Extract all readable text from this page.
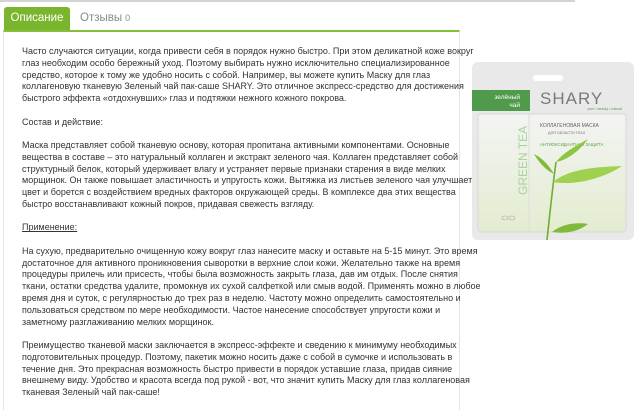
Описание	Отзывы 0
Часто случаются ситуации, когда привести себя в порядок нужно быстро. При этом деликатной коже вокруг
глаз необходим особо бережный уход. Поэтому выбирать нужно исключительно специализированное
средство, которое к тому же удобно носить с собой. Например, вы можете купить Маску для глаз
коллагеновую тканевую Зеленый чай пак-саше SHARY. Это отличное экспресс-средство для достижения
быстрого эффекта «отдохнувших» глаз и подтяжки нежного кожного покрова.
Состав и действие:
Маска представляет собой тканевую основу, которая пропитана активными компонентами. Основные
вещества в составе – это натуральный коллаген и экстракт зеленого чая. Коллаген представляет собой
структурный белок, который удерживает влагу и устраняет первые признаки старения в виде мелких
морщинок. Он также повышает эластичность и упругость кожи. Вытяжка из листьев зеленого чая улучшает
цвет и борется с воздействием вредных факторов окружающей среды. В комплексе два этих вещества
быстро восстанавливают кожный покров, придавая свежесть взгляду.
Применение:
На сухую, предварительно очищенную кожу вокруг глаз нанесите маску и оставьте на 5-15 минут. Это время
достаточное для активного проникновения сыворотки в верхние слои кожи. Желательно также на время
процедуры прилечь или присесть, чтобы была возможность закрыть глаза, дав им отдых. После снятия
ткани, остатки средства удалите, промокнув их сухой салфеткой или смыв водой. Применять можно в любое
время дня и суток, с регулярностью до трех раз в неделю. Частоту можно определить самостоятельно и
пользоваться средством по мере необходимости. Частое нанесение способствует упругости кожи и
заметному разглаживанию мелких морщинок.
Преимущество тканевой маски заключается в экспресс-эффекте и сведению к минимуму необходимых
подготовительных процедур. Поэтому, пакетик можно носить даже с собой в сумочке и использовать в
течение дня. Это прекрасная возможность быстро привести в порядок уставшие глаза, придав сияние
внешнему виду. Удобство и красота всегда под рукой - вот, что значит купить Маску для глаз коллагеновая
тканевая Зеленый чай пак-саше!
зелёный
чай SHARY
pure • beauty • natural
GREEN TEA КОЛЛАГЕНОВАЯ МАСКА
ДЛЯ ОБЛАСТИ ГЛАЗ
АНТИОКСИДАНТНАЯ ЗАЩИТА
